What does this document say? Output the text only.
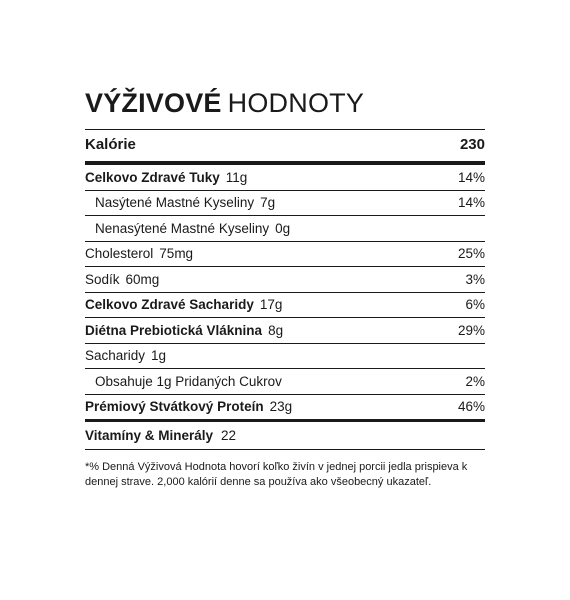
VÝŽIVOVÉ HODNOTY
Kalórie	230
Celkovo Zdravé Tuky 11g	14%
Nasýtené Mastné Kyseliny 7g	14%
Nenasýtené Mastné Kyseliny 0g
Cholesterol 75mg	25%
Sodík 60mg	3%
Celkovo Zdravé Sacharidy 17g	6%
Diétna Prebiotická Vláknina 8g	29%
Sacharidy 1g
Obsahuje 1g Pridaných Cukrov	2%
Prémiový Stvátkový Proteín 23g	46%
Vitamíny & Minerály 22
*% Denná Výživová Hodnota hovorí koľko živín v jednej porcii jedla prispieva k dennej strave. 2,000 kalórií denne sa používa ako všeobecný ukazateľ.
